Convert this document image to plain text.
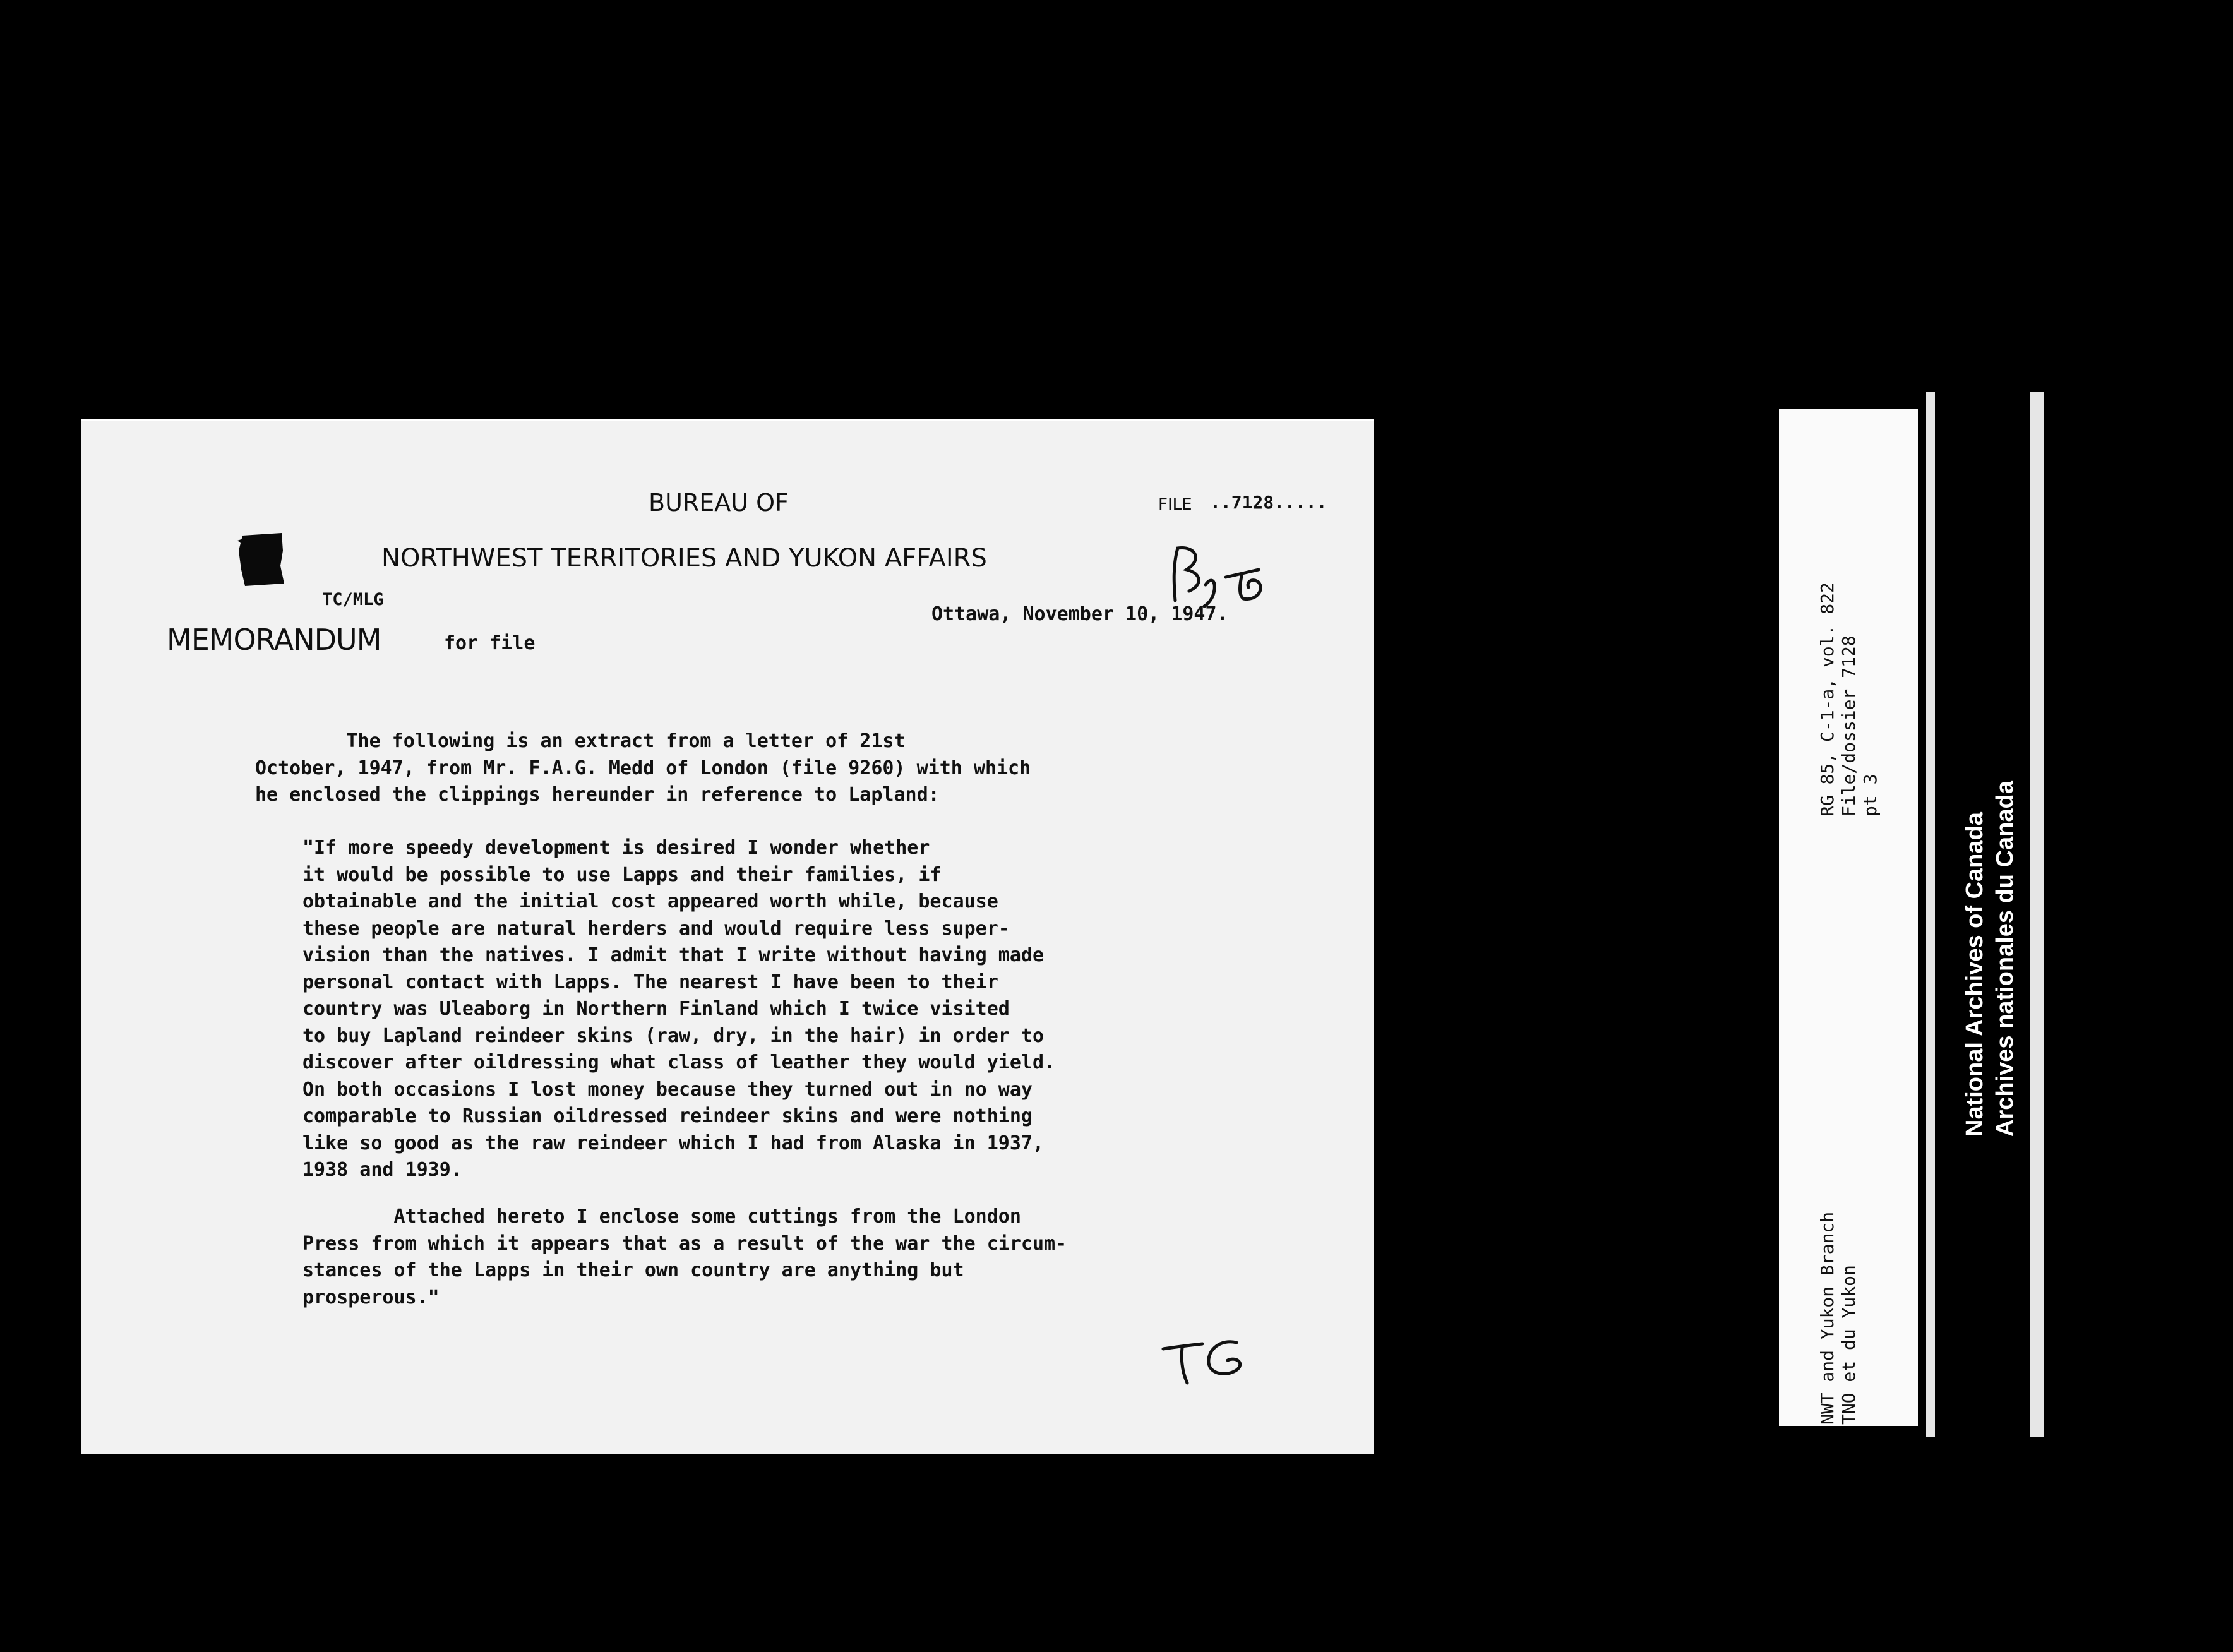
BUREAU OF
NORTHWEST TERRITORIES AND YUKON AFFAIRS
FILE ..7128.....
TC/MLG
Ottawa, November 10, 1947.
MEMORANDUM	for file
The following is an extract from a letter of 21st
October, 1947, from Mr. F.A.G. Medd of London (file 9260) with which
he enclosed the clippings hereunder in reference to Lapland:
"If more speedy development is desired I wonder whether
it would be possible to use Lapps and their families, if
obtainable and the initial cost appeared worth while, because
these people are natural herders and would require less super-
vision than the natives. I admit that I write without having made
personal contact with Lapps. The nearest I have been to their
country was Uleaborg in Northern Finland which I twice visited
to buy Lapland reindeer skins (raw, dry, in the hair) in order to
discover after oildressing what class of leather they would yield.
On both occasions I lost money because they turned out in no way
comparable to Russian oildressed reindeer skins and were nothing
like so good as the raw reindeer which I had from Alaska in 1937,
1938 and 1939.
Attached hereto I enclose some cuttings from the London
Press from which it appears that as a result of the war the circum-
stances of the Lapps in their own country are anything but
prosperous."
RG 85, C-1-a, vol. 822 File/dossier 7128 pt 3
NWT and Yukon Branch TNO et du Yukon
National Archives of Canada Archives nationales du Canada
